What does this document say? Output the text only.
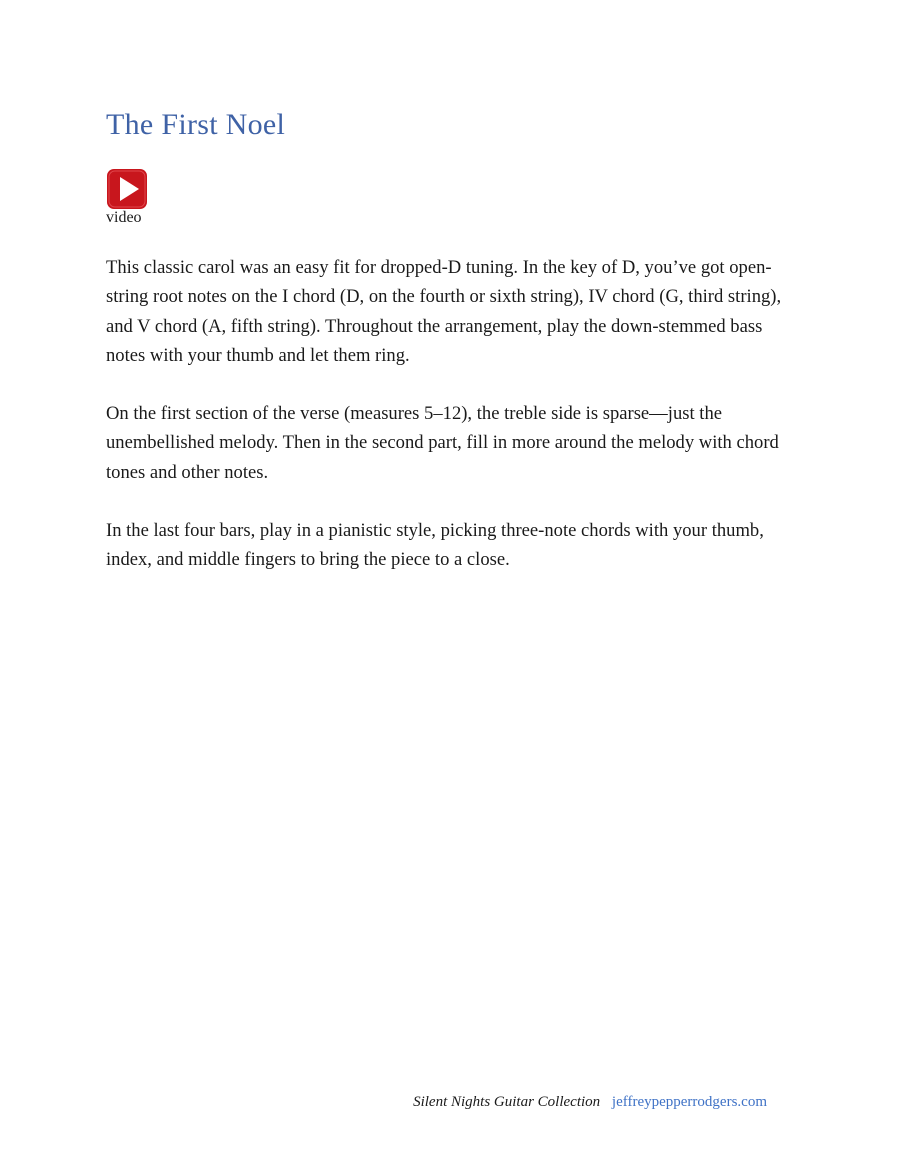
The First Noel
video

This classic carol was an easy fit for dropped-D tuning. In the key of D, you’ve got open-string root notes on the I chord (D, on the fourth or sixth string), IV chord (G, third string), and V chord (A, fifth string). Throughout the arrangement, play the down-stemmed bass notes with your thumb and let them ring.

On the first section of the verse (measures 5–12), the treble side is sparse—just the unembellished melody. Then in the second part, fill in more around the melody with chord tones and other notes.

In the last four bars, play in a pianistic style, picking three-note chords with your thumb, index, and middle fingers to bring the piece to a close.

Silent Nights Guitar Collection jeffreypepperrodgers.com
